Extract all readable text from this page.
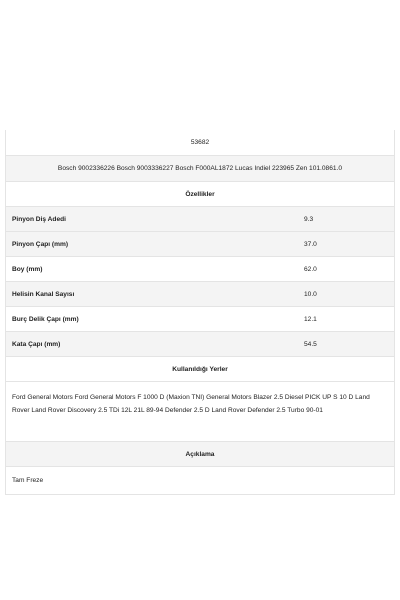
53682
Bosch 9002336226 Bosch 9003336227 Bosch F000AL1872 Lucas Indiel 223965 Zen 101.0861.0
Özellikler
Pinyon Diş Adedi	9.3
Pinyon Çapı (mm)	37.0
Boy (mm)	62.0
Helisin Kanal Sayısı	10.0
Burç Delik Çapı (mm)	12.1
Kata Çapı (mm)	54.5
Kullanıldığı Yerler
Ford General Motors Ford General Motors F 1000 D (Maxion TNI) General Motors Blazer 2.5 Diesel PICK UP S 10 D Land Rover Land Rover Discovery 2.5 TDi 12L 21L 89-94 Defender 2.5 D Land Rover Defender 2.5 Turbo 90-01
Açıklama
Tam Freze
